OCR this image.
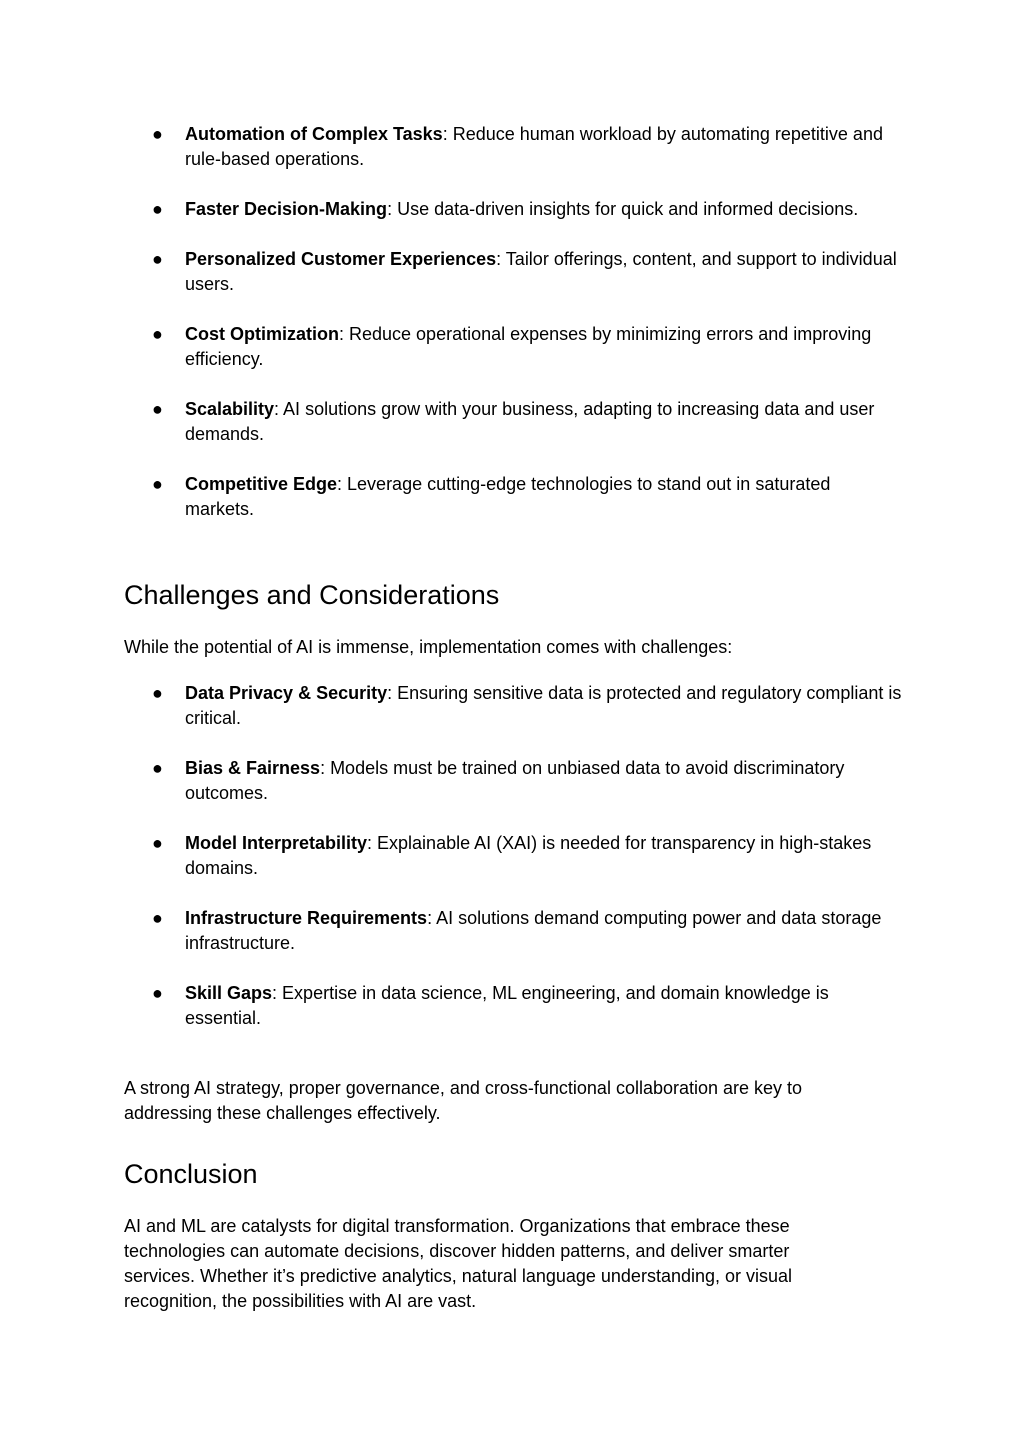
● Automation of Complex Tasks: Reduce human workload by automating repetitive and rule-based operations.
● Faster Decision-Making: Use data-driven insights for quick and informed decisions.
● Personalized Customer Experiences: Tailor offerings, content, and support to individual users.
● Cost Optimization: Reduce operational expenses by minimizing errors and improving efficiency.
● Scalability: AI solutions grow with your business, adapting to increasing data and user demands.
● Competitive Edge: Leverage cutting-edge technologies to stand out in saturated markets.
Challenges and Considerations

While the potential of AI is immense, implementation comes with challenges:

● Data Privacy & Security: Ensuring sensitive data is protected and regulatory compliant is critical.
● Bias & Fairness: Models must be trained on unbiased data to avoid discriminatory outcomes.
● Model Interpretability: Explainable AI (XAI) is needed for transparency in high-stakes domains.
● Infrastructure Requirements: AI solutions demand computing power and data storage infrastructure.
● Skill Gaps: Expertise in data science, ML engineering, and domain knowledge is essential.

A strong AI strategy, proper governance, and cross-functional collaboration are key to addressing these challenges effectively.

Conclusion

AI and ML are catalysts for digital transformation. Organizations that embrace these technologies can automate decisions, discover hidden patterns, and deliver smarter services. Whether it’s predictive analytics, natural language understanding, or visual recognition, the possibilities with AI are vast.
